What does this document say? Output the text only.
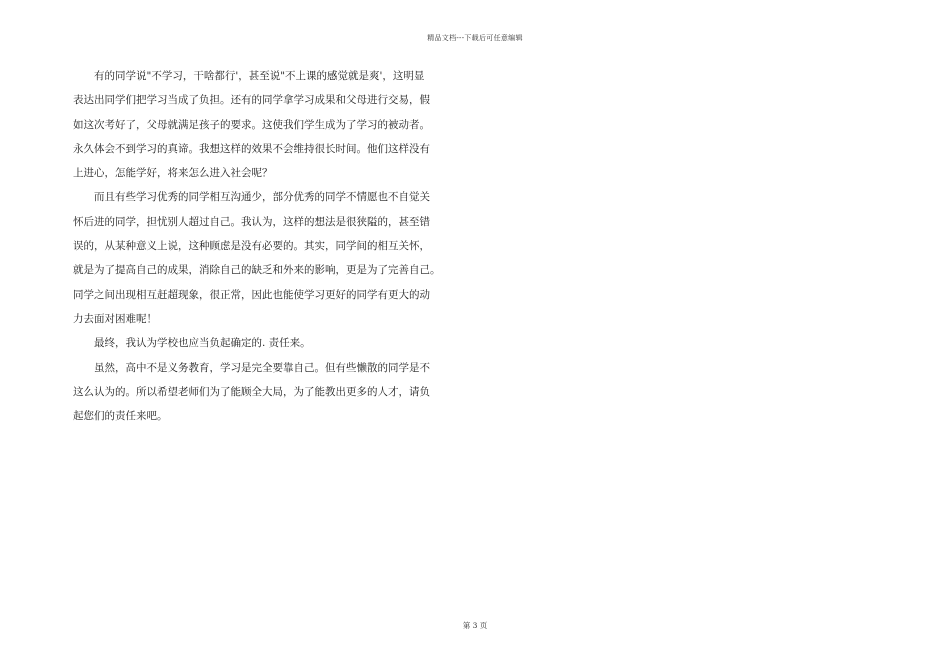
精品文档---下载后可任意编辑
有的同学说"不学习，干啥都行'，甚至说"不上课的感觉就是爽'，这明显
表达出同学们把学习当成了负担。还有的同学拿学习成果和父母进行交易，假
如这次考好了，父母就满足孩子的要求。这使我们学生成为了学习的被动者。
永久体会不到学习的真谛。我想这样的效果不会维持很长时间。他们这样没有
上进心，怎能学好，将来怎么进入社会呢？
而且有些学习优秀的同学相互沟通少，部分优秀的同学不情愿也不自觉关
怀后进的同学，担忧别人超过自己。我认为，这样的想法是很狭隘的，甚至错
误的，从某种意义上说，这种顾虑是没有必要的。其实，同学间的相互关怀，
就是为了提高自己的成果，消除自己的缺乏和外来的影响，更是为了完善自己。
同学之间出现相互赶超现象，很正常，因此也能使学习更好的同学有更大的动
力去面对困难呢！
最终，我认为学校也应当负起确定的. 责任来。
虽然，高中不是义务教育，学习是完全要靠自己。但有些懒散的同学是不
这么认为的。所以希望老师们为了能顾全大局，为了能教出更多的人才，请负
起您们的责任来吧。
第 3 页
